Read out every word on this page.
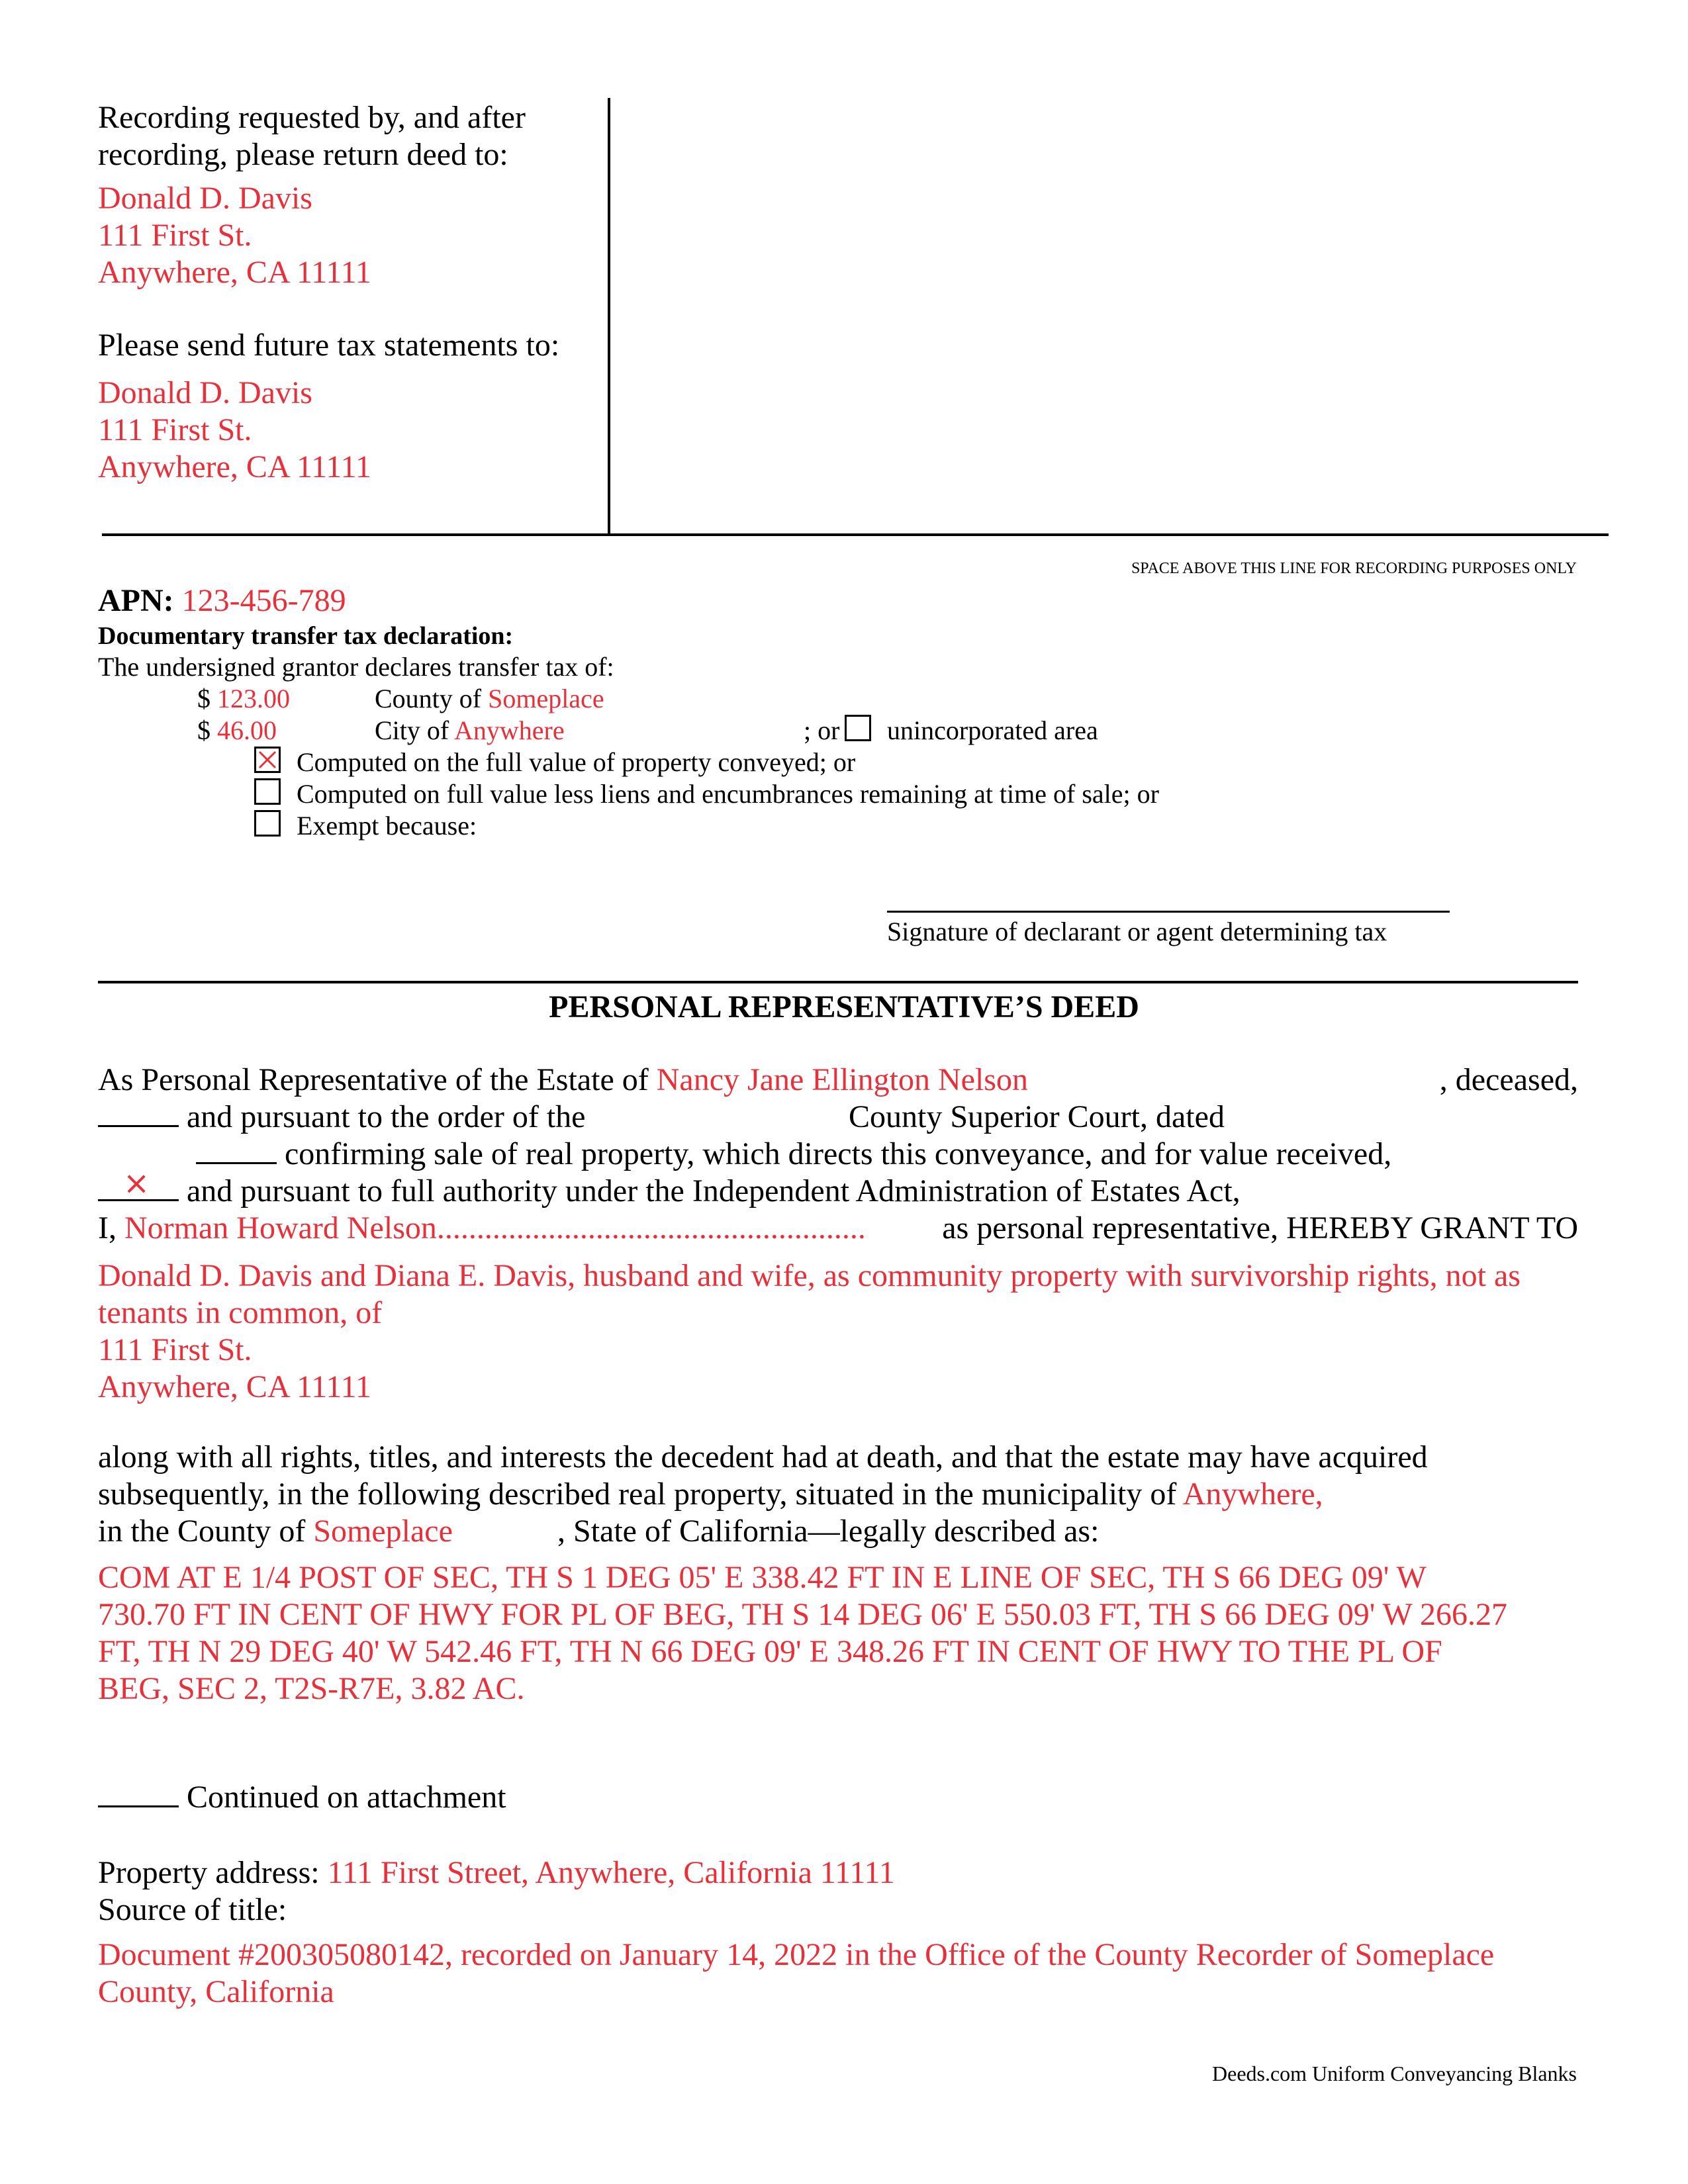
Recording requested by, and after
recording, please return deed to:
Donald D. Davis
111 First St.
Anywhere, CA 11111
Please send future tax statements to:
Donald D. Davis
111 First St.
Anywhere, CA 11111
SPACE ABOVE THIS LINE FOR RECORDING PURPOSES ONLY
APN: 123-456-789
Documentary transfer tax declaration:
The undersigned grantor declares transfer tax of:
$ 123.00	County of Someplace
$ 46.00	City of Anywhere	; or unincorporated area
Computed on the full value of property conveyed; or
Computed on full value less liens and encumbrances remaining at time of sale; or
Exempt because:
Signature of declarant or agent determining tax
PERSONAL REPRESENTATIVE’S DEED
As Personal Representative of the Estate of Nancy Jane Ellington Nelson	, deceased,
and pursuant to the order of the	County Superior Court, dated
confirming sale of real property, which directs this conveyance, and for value received,
× and pursuant to full authority under the Independent Administration of Estates Act,
I, Norman Howard Nelson...................................................... as personal representative, HEREBY GRANT TO
Donald D. Davis and Diana E. Davis, husband and wife, as community property with survivorship rights, not as
tenants in common, of
111 First St.
Anywhere, CA 11111
along with all rights, titles, and interests the decedent had at death, and that the estate may have acquired
subsequently, in the following described real property, situated in the municipality of Anywhere,
in the County of Someplace	, State of California—legally described as:
COM AT E 1/4 POST OF SEC, TH S 1 DEG 05' E 338.42 FT IN E LINE OF SEC, TH S 66 DEG 09' W
730.70 FT IN CENT OF HWY FOR PL OF BEG, TH S 14 DEG 06' E 550.03 FT, TH S 66 DEG 09' W 266.27
FT, TH N 29 DEG 40' W 542.46 FT, TH N 66 DEG 09' E 348.26 FT IN CENT OF HWY TO THE PL OF
BEG, SEC 2, T2S-R7E, 3.82 AC.
Continued on attachment
Property address: 111 First Street, Anywhere, California 11111
Source of title:
Document #200305080142, recorded on January 14, 2022 in the Office of the County Recorder of Someplace
County, California
Deeds.com Uniform Conveyancing Blanks
